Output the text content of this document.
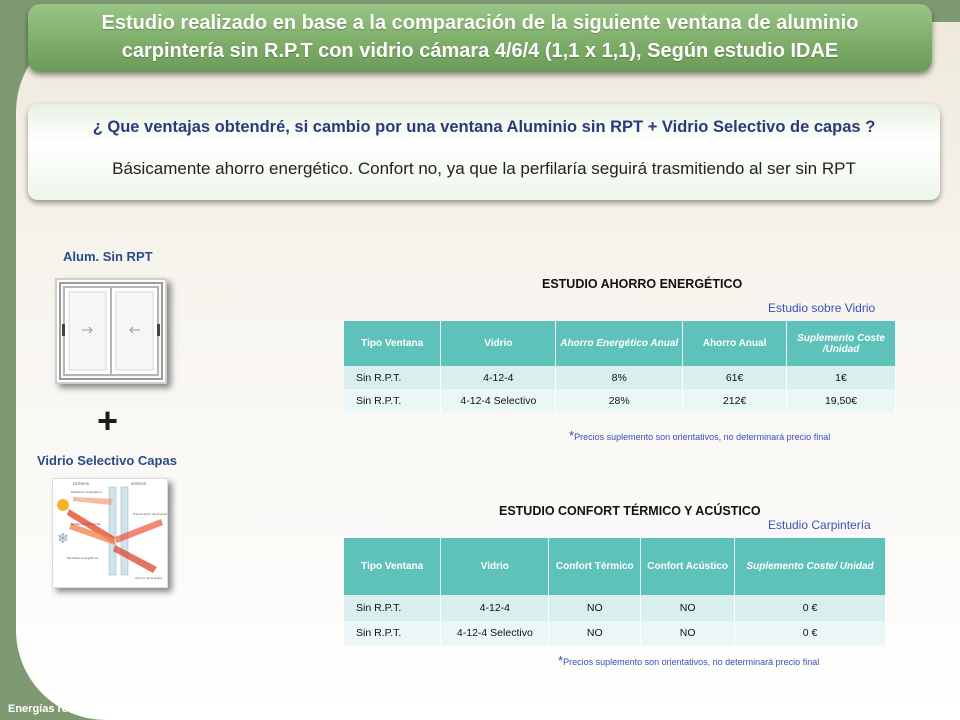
Estudio realizado en base a la comparación de la siguiente ventana de aluminio
carpintería sin R.P.T con vidrio cámara 4/6/4 (1,1 x 1,1), Según estudio IDAE
¿ Que ventajas obtendré, si cambio por una ventana Aluminio sin RPT + Vidrio Selectivo de capas ?
Básicamente ahorro energético. Confort no, ya que la perfilaría seguirá trasmitiendo al ser sin RPT
Alum. Sin RPT
+
Vidrio Selectivo Capas
❄
EXTERIOR	INTERIOR
Reflexión energética
Radiación incidente
Pérdidas energéticas
Transmisión de energía
Ahorro de energía
ESTUDIO AHORRO ENERGÉTICO
Estudio sobre Vidrio
Tipo Ventana	Vidrio	Ahorro Energético Anual	Ahorro Anual	Suplemento Coste /Unidad
Sin R.P.T.	4-12-4	8%	61€	1€
Sin R.P.T.	4-12-4 Selectivo	28%	212€	19,50€
*Precios suplemento son orientativos, no determinará precio final
ESTUDIO CONFORT TÉRMICO Y ACÚSTICO
Estudio Carpintería
Tipo Ventana	Vidrio	Confort Térmico	Confort Acústico	Suplemento Coste/ Unidad
Sin R.P.T.	4-12-4	NO	NO	0 €
Sin R.P.T.	4-12-4 Selectivo	NO	NO	0 €
*Precios suplemento son orientativos, no determinará precio final
Energías re
